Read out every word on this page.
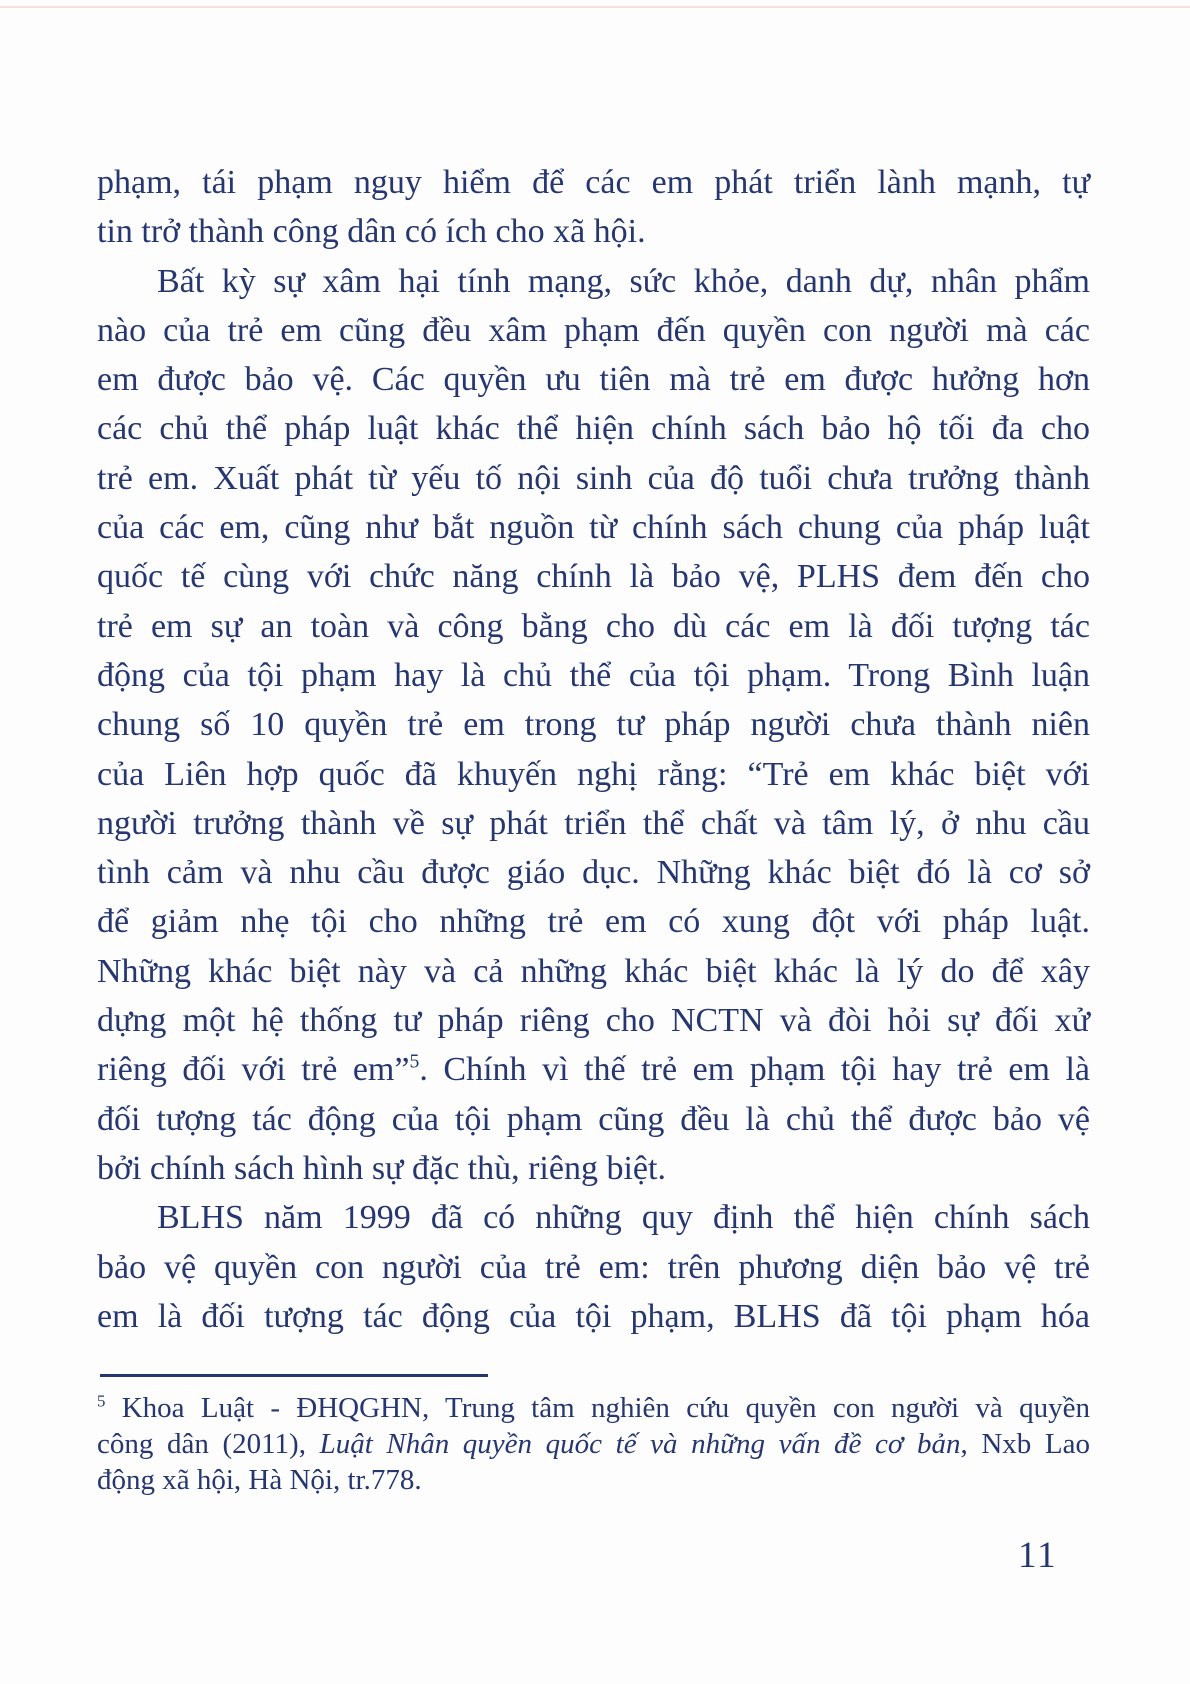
phạm, tái phạm nguy hiểm để các em phát triển lành mạnh, tự
tin trở thành công dân có ích cho xã hội.
Bất kỳ sự xâm hại tính mạng, sức khỏe, danh dự, nhân phẩm
nào của trẻ em cũng đều xâm phạm đến quyền con người mà các
em được bảo vệ. Các quyền ưu tiên mà trẻ em được hưởng hơn
các chủ thể pháp luật khác thể hiện chính sách bảo hộ tối đa cho
trẻ em. Xuất phát từ yếu tố nội sinh của độ tuổi chưa trưởng thành
của các em, cũng như bắt nguồn từ chính sách chung của pháp luật
quốc tế cùng với chức năng chính là bảo vệ, PLHS đem đến cho
trẻ em sự an toàn và công bằng cho dù các em là đối tượng tác
động của tội phạm hay là chủ thể của tội phạm. Trong Bình luận
chung số 10 quyền trẻ em trong tư pháp người chưa thành niên
của Liên hợp quốc đã khuyến nghị rằng: “Trẻ em khác biệt với
người trưởng thành về sự phát triển thể chất và tâm lý, ở nhu cầu
tình cảm và nhu cầu được giáo dục. Những khác biệt đó là cơ sở
để giảm nhẹ tội cho những trẻ em có xung đột với pháp luật.
Những khác biệt này và cả những khác biệt khác là lý do để xây
dựng một hệ thống tư pháp riêng cho NCTN và đòi hỏi sự đối xử
riêng đối với trẻ em”$^5$. Chính vì thế trẻ em phạm tội hay trẻ em là
đối tượng tác động của tội phạm cũng đều là chủ thể được bảo vệ
bởi chính sách hình sự đặc thù, riêng biệt.
BLHS năm 1999 đã có những quy định thể hiện chính sách
bảo vệ quyền con người của trẻ em: trên phương diện bảo vệ trẻ
em là đối tượng tác động của tội phạm, BLHS đã tội phạm hóa
$^5$ Khoa Luật - ĐHQGHN, Trung tâm nghiên cứu quyền con người và quyền
công dân (2011), Luật Nhân quyền quốc tế và những vấn đề cơ bản, Nxb Lao
động xã hội, Hà Nội, tr.778.
11
